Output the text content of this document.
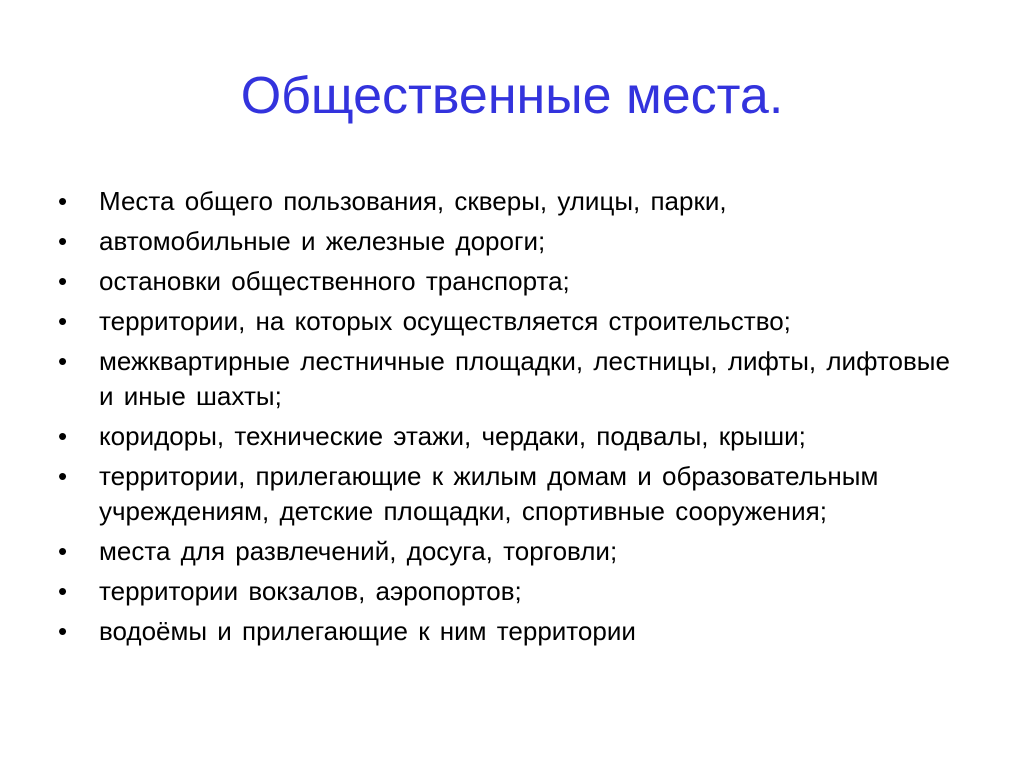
Общественные места.
• Места общего пользования, скверы, улицы, парки,
• автомобильные и железные дороги;
• остановки общественного транспорта;
• территории, на которых осуществляется строительство;
• межквартирные лестничные площадки, лестницы, лифты, лифтовые и иные шахты;
• коридоры, технические этажи, чердаки, подвалы, крыши;
• территории, прилегающие к жилым домам и образовательным учреждениям, детские площадки, спортивные сооружения;
• места для развлечений, досуга, торговли;
• территории вокзалов, аэропортов;
• водоёмы и прилегающие к ним территории
